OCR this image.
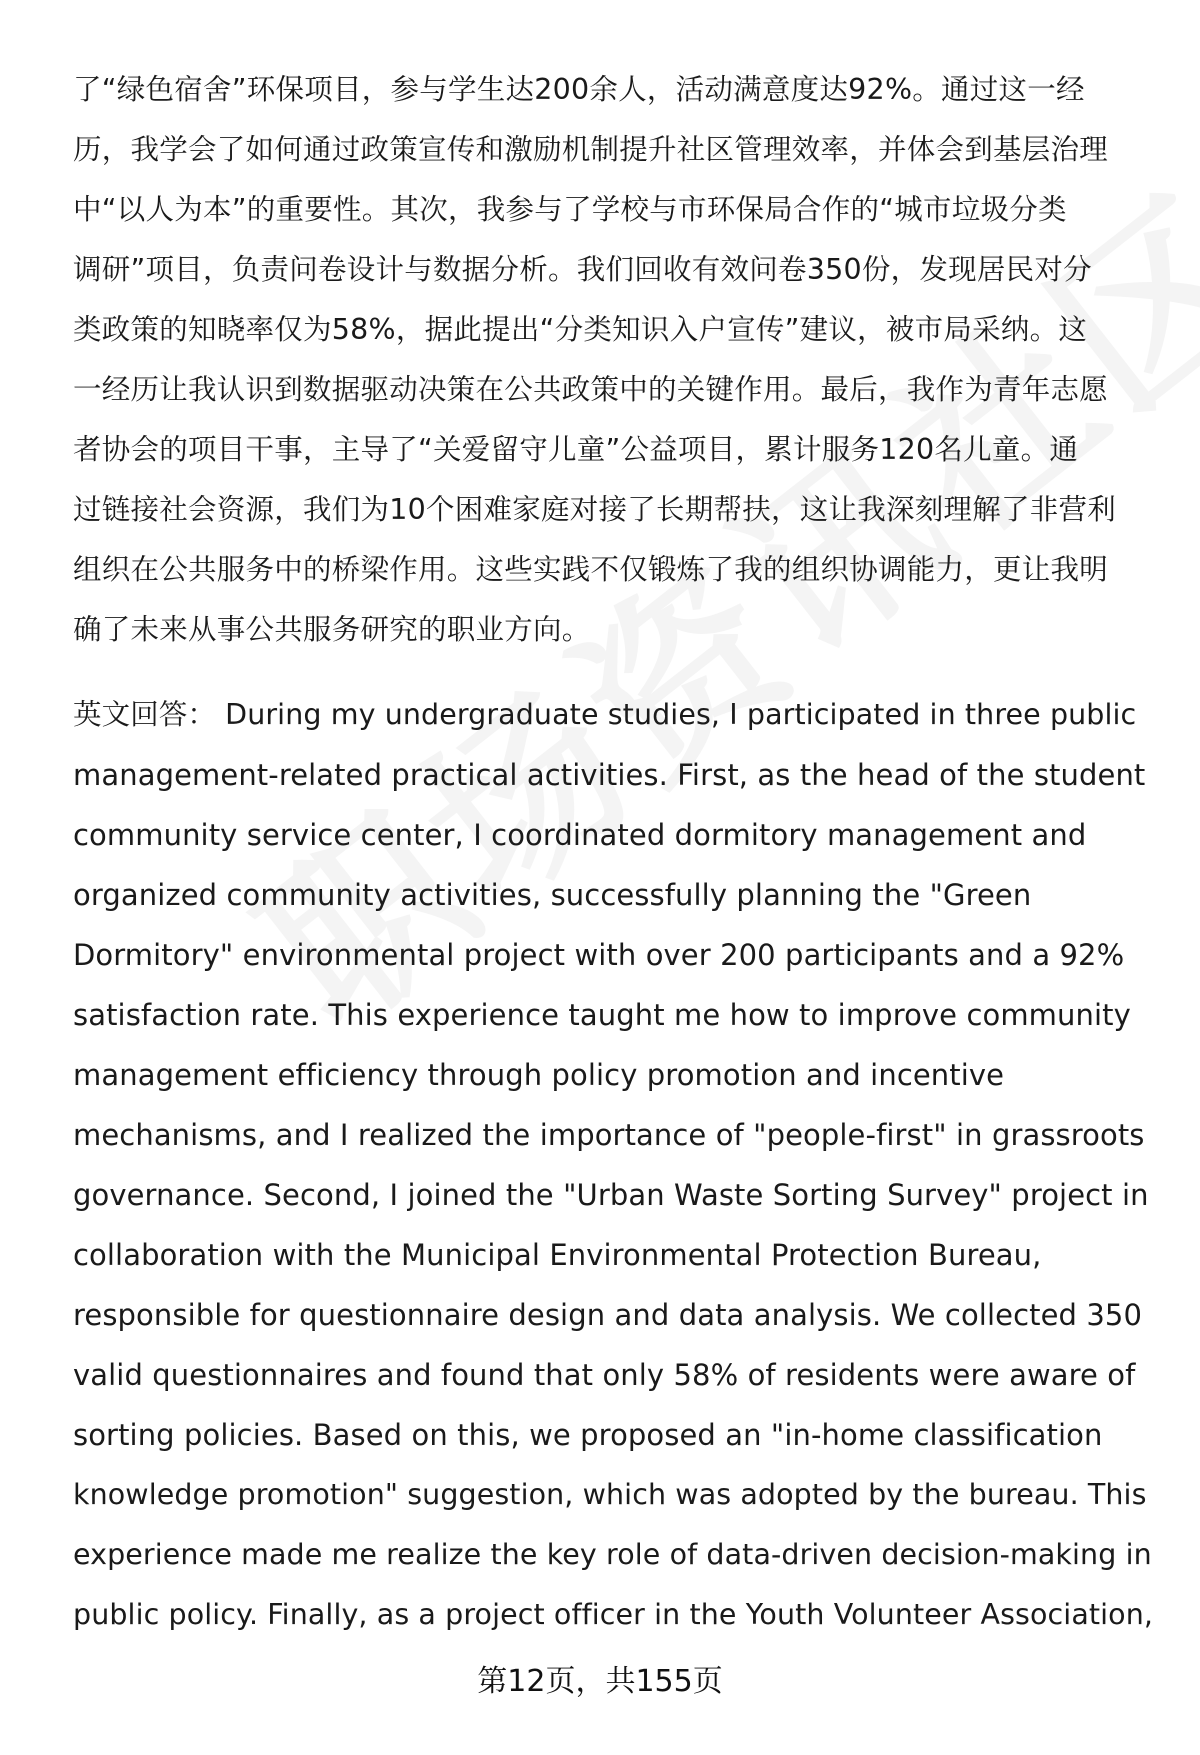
了“绿色宿舍”环保项目，参与学生达200余人，活动满意度达92%。通过这一经
历，我学会了如何通过政策宣传和激励机制提升社区管理效率，并体会到基层治理
中“以人为本”的重要性。其次，我参与了学校与市环保局合作的“城市垃圾分类
调研”项目，负责问卷设计与数据分析。我们回收有效问卷350份，发现居民对分
类政策的知晓率仅为58%，据此提出“分类知识入户宣传”建议，被市局采纳。这
一经历让我认识到数据驱动决策在公共政策中的关键作用。最后，我作为青年志愿
者协会的项目干事，主导了“关爱留守儿童”公益项目，累计服务120名儿童。通
过链接社会资源，我们为10个困难家庭对接了长期帮扶，这让我深刻理解了非营利
组织在公共服务中的桥梁作用。这些实践不仅锻炼了我的组织协调能力，更让我明
确了未来从事公共服务研究的职业方向。
英文回答： During my undergraduate studies, I participated in three public
management-related practical activities. First, as the head of the student
community service center, I coordinated dormitory management and
organized community activities, successfully planning the "Green
Dormitory" environmental project with over 200 participants and a 92%
satisfaction rate. This experience taught me how to improve community
management efficiency through policy promotion and incentive
mechanisms, and I realized the importance of "people-first" in grassroots
governance. Second, I joined the "Urban Waste Sorting Survey" project in
collaboration with the Municipal Environmental Protection Bureau,
responsible for questionnaire design and data analysis. We collected 350
valid questionnaires and found that only 58% of residents were aware of
sorting policies. Based on this, we proposed an "in-home classification
knowledge promotion" suggestion, which was adopted by the bureau. This
experience made me realize the key role of data-driven decision-making in
public policy. Finally, as a project officer in the Youth Volunteer Association,
第12页，共155页
